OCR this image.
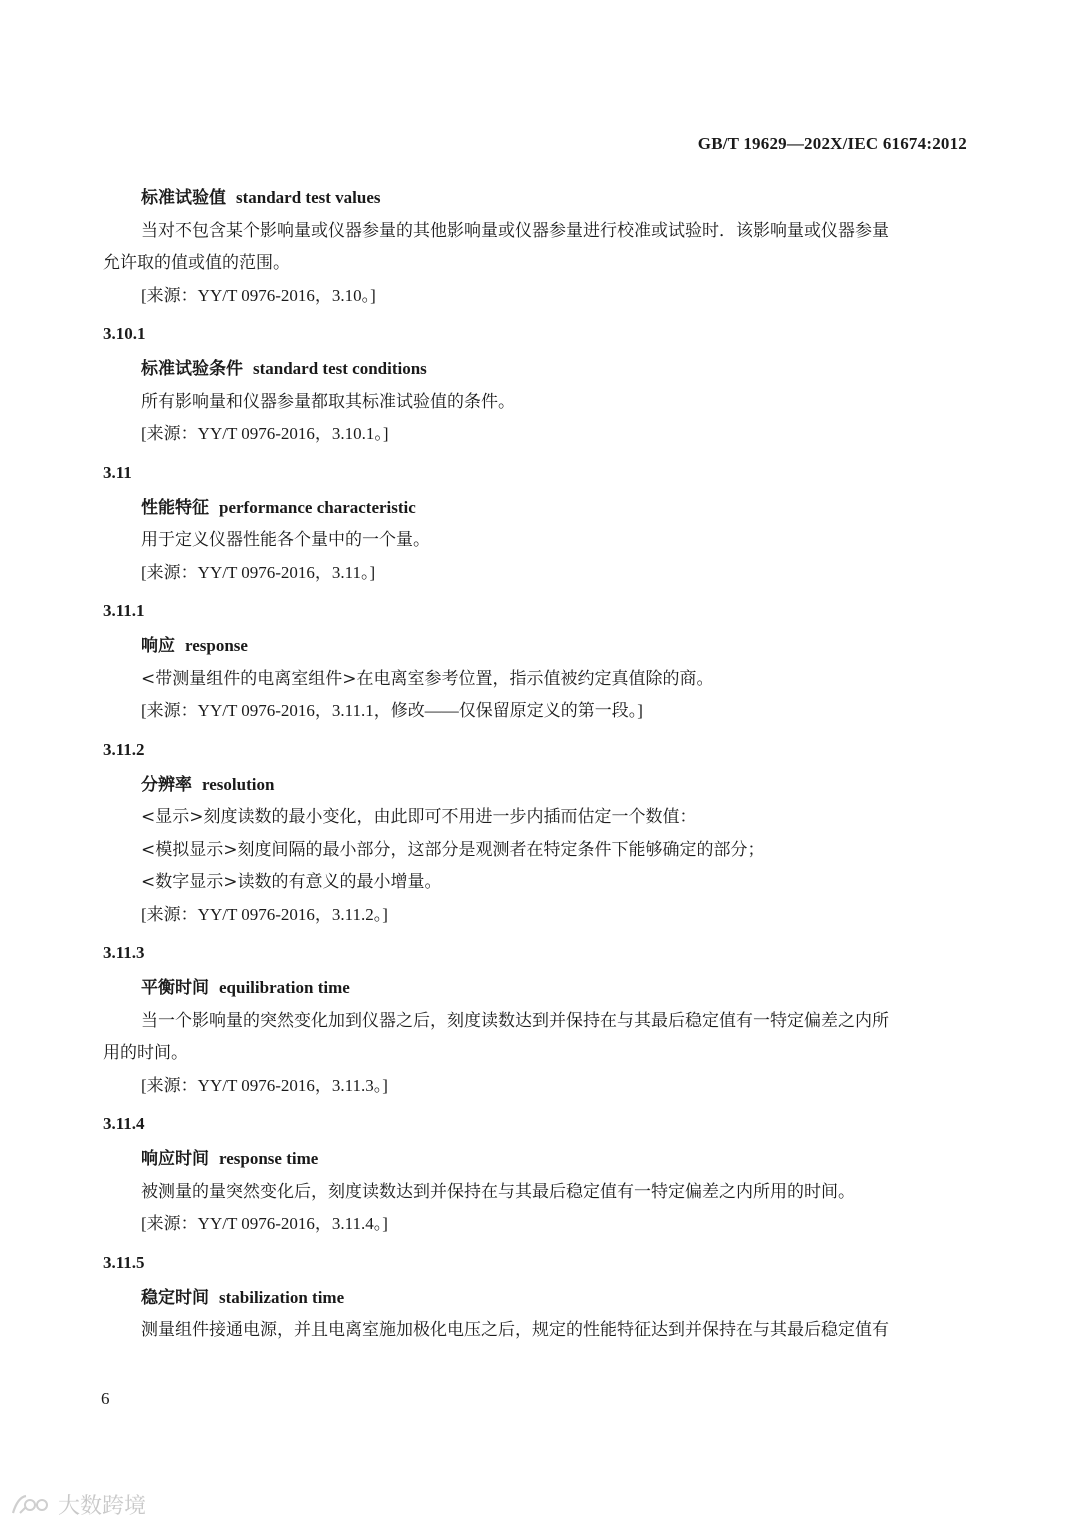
GB/T 19629—202X/IEC 61674:2012
标准试验值 standard test values
当对不包含某个影响量或仪器参量的其他影响量或仪器参量进行校准或试验时．该影响量或仪器参量
允许取的值或值的范围。
[来源：YY/T 0976-2016，3.10。]
3.10.1
标准试验条件 standard test conditions
所有影响量和仪器参量都取其标准试验值的条件。
[来源：YY/T 0976-2016，3.10.1。]
3.11
性能特征 performance characteristic
用于定义仪器性能各个量中的一个量。
[来源：YY/T 0976-2016，3.11。]
3.11.1
响应 response
<带测量组件的电离室组件>在电离室参考位置，指示值被约定真值除的商。
[来源：YY/T 0976-2016，3.11.1，修改——仅保留原定义的第一段。]
3.11.2
分辨率 resolution
<显示>刻度读数的最小变化，由此即可不用进一步内插而估定一个数值：
<模拟显示>刻度间隔的最小部分，这部分是观测者在特定条件下能够确定的部分；
<数字显示>读数的有意义的最小增量。
[来源：YY/T 0976-2016，3.11.2。]
3.11.3
平衡时间 equilibration time
当一个影响量的突然变化加到仪器之后，刻度读数达到并保持在与其最后稳定值有一特定偏差之内所
用的时间。
[来源：YY/T 0976-2016，3.11.3。]
3.11.4
响应时间 response time
被测量的量突然变化后，刻度读数达到并保持在与其最后稳定值有一特定偏差之内所用的时间。
[来源：YY/T 0976-2016，3.11.4。]
3.11.5
稳定时间 stabilization time
测量组件接通电源，并且电离室施加极化电压之后，规定的性能特征达到并保持在与其最后稳定值有
6
大数跨境
